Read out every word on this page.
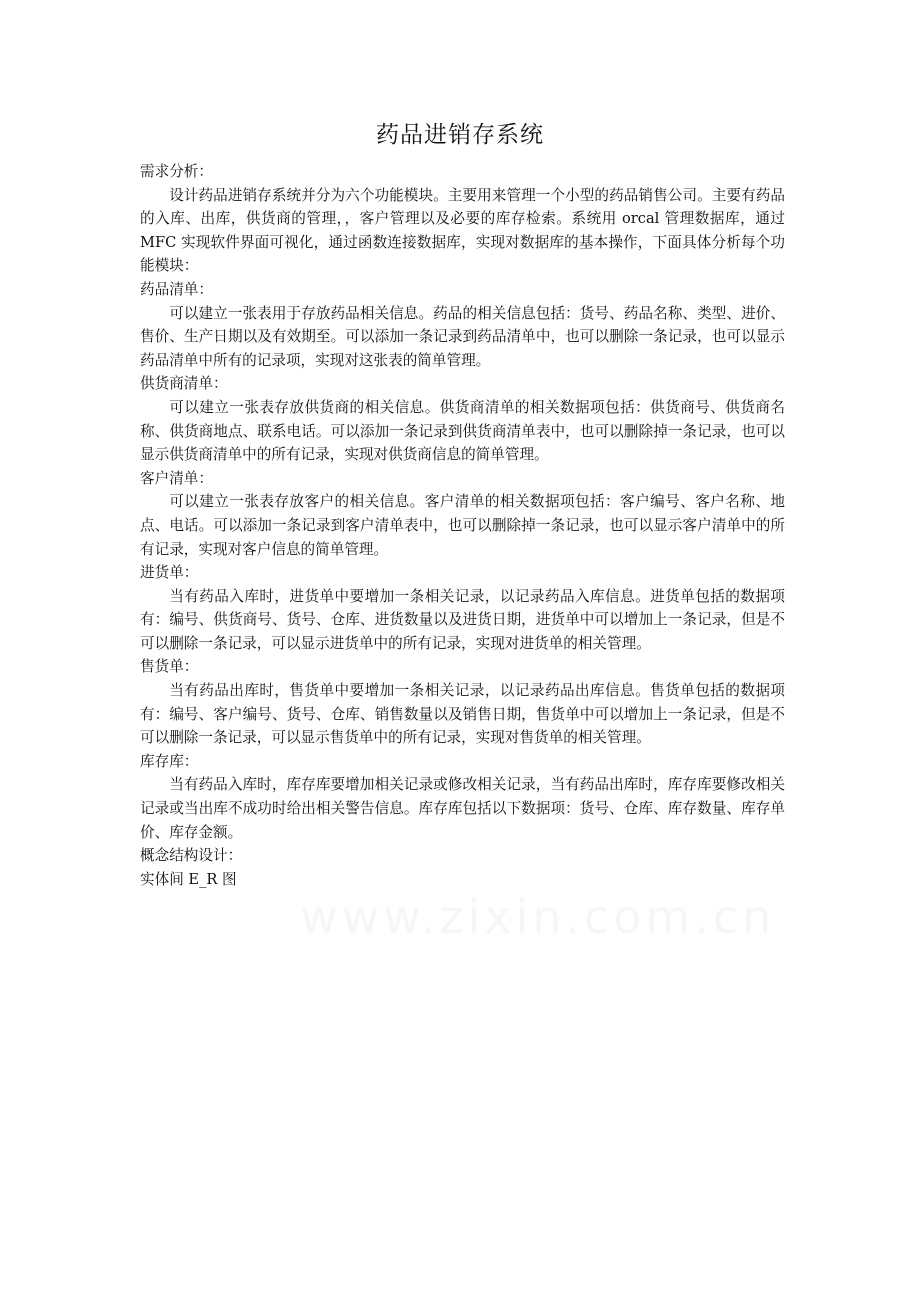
药品进销存系统

需求分析：

设计药品进销存系统并分为六个功能模块。主要用来管理一个小型的药品销售公司。主要有药品的入库、出库，供货商的管理，，客户管理以及必要的库存检索。系统用 orcal 管理数据库，通过 MFC 实现软件界面可视化，通过函数连接数据库，实现对数据库的基本操作，下面具体分析每个功能模块：

药品清单：

可以建立一张表用于存放药品相关信息。药品的相关信息包括：货号、药品名称、类型、进价、售价、生产日期以及有效期至。可以添加一条记录到药品清单中，也可以删除一条记录，也可以显示药品清单中所有的记录项，实现对这张表的简单管理。

供货商清单：

可以建立一张表存放供货商的相关信息。供货商清单的相关数据项包括：供货商号、供货商名称、供货商地点、联系电话。可以添加一条记录到供货商清单表中，也可以删除掉一条记录，也可以显示供货商清单中的所有记录，实现对供货商信息的简单管理。

客户清单：

可以建立一张表存放客户的相关信息。客户清单的相关数据项包括：客户编号、客户名称、地点、电话。可以添加一条记录到客户清单表中，也可以删除掉一条记录，也可以显示客户清单中的所有记录，实现对客户信息的简单管理。

进货单：

当有药品入库时，进货单中要增加一条相关记录，以记录药品入库信息。进货单包括的数据项有：编号、供货商号、货号、仓库、进货数量以及进货日期，进货单中可以增加上一条记录，但是不可以删除一条记录，可以显示进货单中的所有记录，实现对进货单的相关管理。

售货单：

当有药品出库时，售货单中要增加一条相关记录，以记录药品出库信息。售货单包括的数据项有：编号、客户编号、货号、仓库、销售数量以及销售日期，售货单中可以增加上一条记录，但是不可以删除一条记录，可以显示售货单中的所有记录，实现对售货单的相关管理。

库存库：

当有药品入库时，库存库要增加相关记录或修改相关记录，当有药品出库时，库存库要修改相关记录或当出库不成功时给出相关警告信息。库存库包括以下数据项：货号、仓库、库存数量、库存单价、库存金额。

概念结构设计：

实体间 E_R 图
